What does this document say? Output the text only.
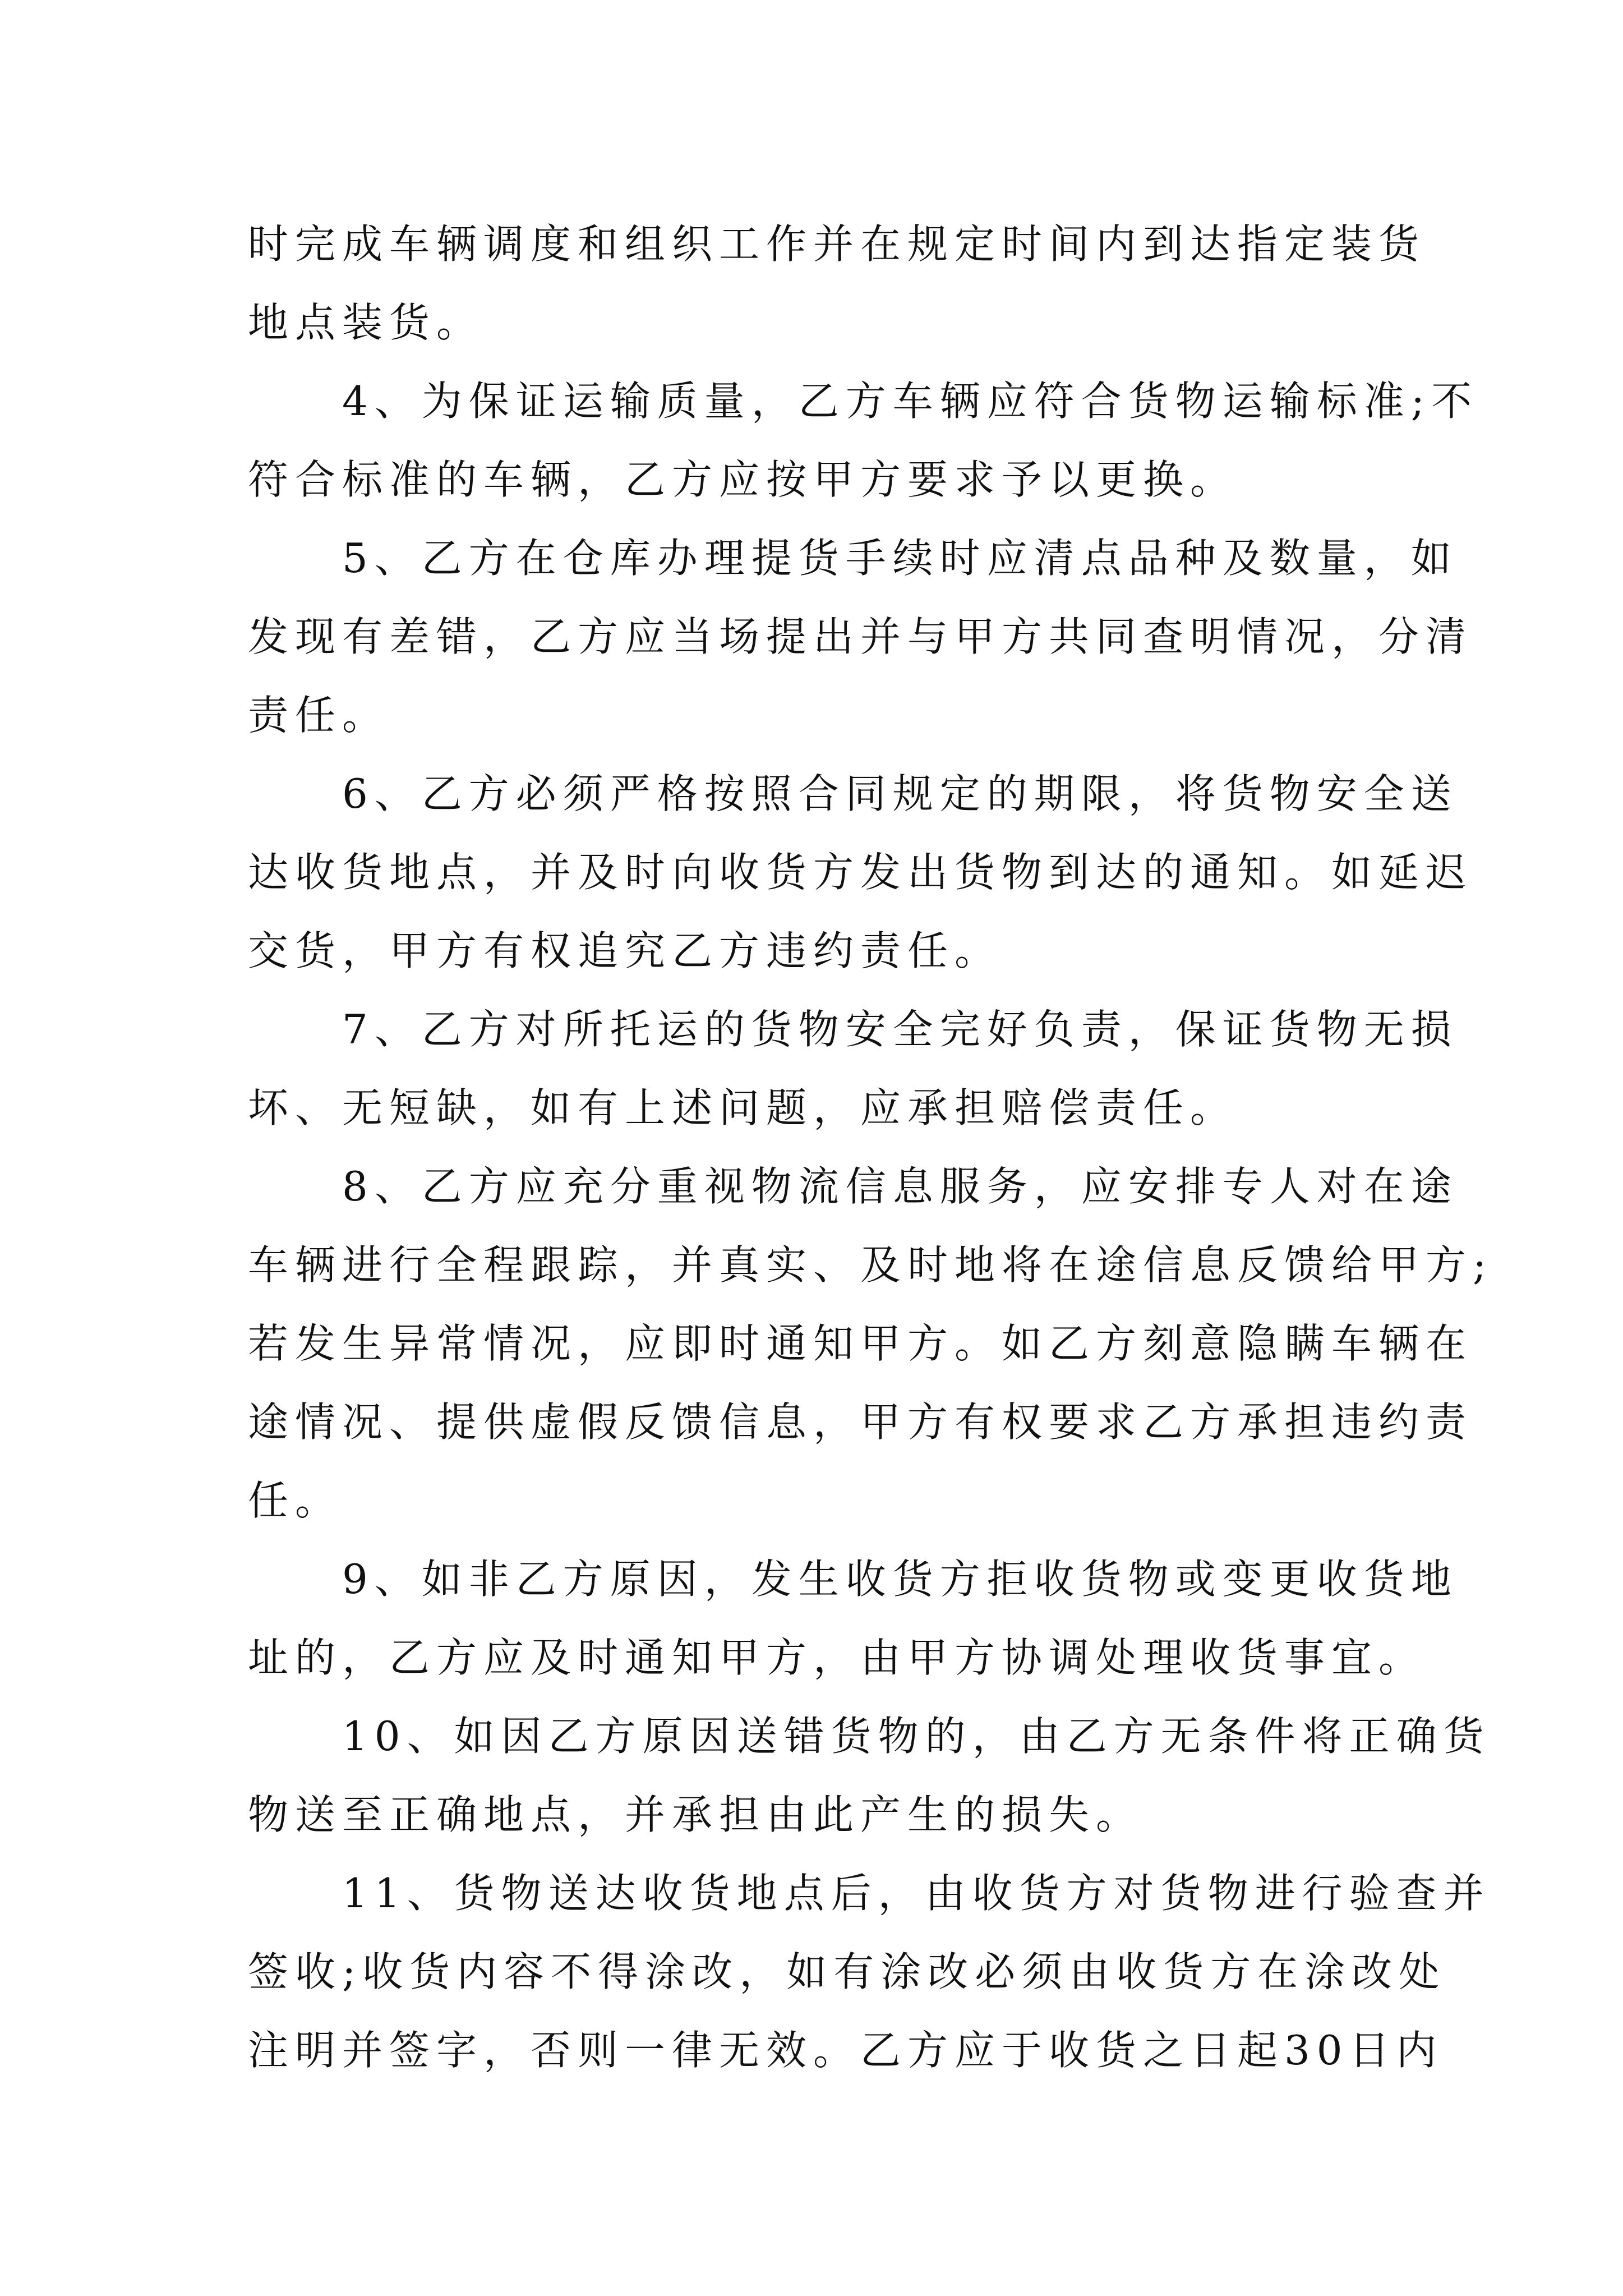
时完成车辆调度和组织工作并在规定时间内到达指定装货
地点装货。
4、为保证运输质量，乙方车辆应符合货物运输标准;不
符合标准的车辆，乙方应按甲方要求予以更换。
5、乙方在仓库办理提货手续时应清点品种及数量，如
发现有差错，乙方应当场提出并与甲方共同查明情况，分清
责任。
6、乙方必须严格按照合同规定的期限，将货物安全送
达收货地点，并及时向收货方发出货物到达的通知。如延迟
交货，甲方有权追究乙方违约责任。
7、乙方对所托运的货物安全完好负责，保证货物无损
坏、无短缺，如有上述问题，应承担赔偿责任。
8、乙方应充分重视物流信息服务，应安排专人对在途
车辆进行全程跟踪，并真实、及时地将在途信息反馈给甲方;
若发生异常情况，应即时通知甲方。如乙方刻意隐瞒车辆在
途情况、提供虚假反馈信息，甲方有权要求乙方承担违约责
任。
9、如非乙方原因，发生收货方拒收货物或变更收货地
址的，乙方应及时通知甲方，由甲方协调处理收货事宜。
10、如因乙方原因送错货物的，由乙方无条件将正确货
物送至正确地点，并承担由此产生的损失。
11、货物送达收货地点后，由收货方对货物进行验查并
签收;收货内容不得涂改，如有涂改必须由收货方在涂改处
注明并签字，否则一律无效。乙方应于收货之日起30日内
